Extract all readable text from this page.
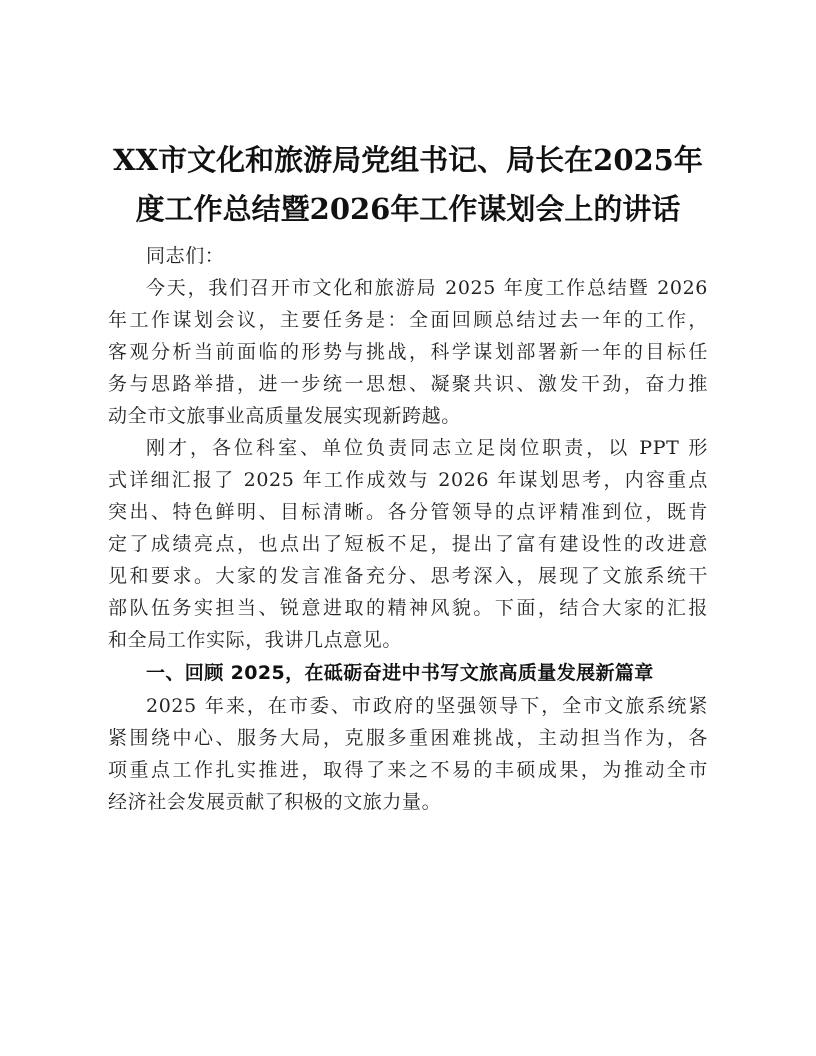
XX市文化和旅游局党组书记、局长在2025年
度工作总结暨2026年工作谋划会上的讲话
同志们：
今天，我们召开市文化和旅游局 2025 年度工作总结暨 2026
年工作谋划会议，主要任务是：全面回顾总结过去一年的工作，
客观分析当前面临的形势与挑战，科学谋划部署新一年的目标任
务与思路举措，进一步统一思想、凝聚共识、激发干劲，奋力推
动全市文旅事业高质量发展实现新跨越。
刚才，各位科室、单位负责同志立足岗位职责，以 PPT 形
式详细汇报了 2025 年工作成效与 2026 年谋划思考，内容重点
突出、特色鲜明、目标清晰。各分管领导的点评精准到位，既肯
定了成绩亮点，也点出了短板不足，提出了富有建设性的改进意
见和要求。大家的发言准备充分、思考深入，展现了文旅系统干
部队伍务实担当、锐意进取的精神风貌。下面，结合大家的汇报
和全局工作实际，我讲几点意见。
一、回顾 2025，在砥砺奋进中书写文旅高质量发展新篇章
2025 年来，在市委、市政府的坚强领导下，全市文旅系统紧
紧围绕中心、服务大局，克服多重困难挑战，主动担当作为，各
项重点工作扎实推进，取得了来之不易的丰硕成果，为推动全市
经济社会发展贡献了积极的文旅力量。
